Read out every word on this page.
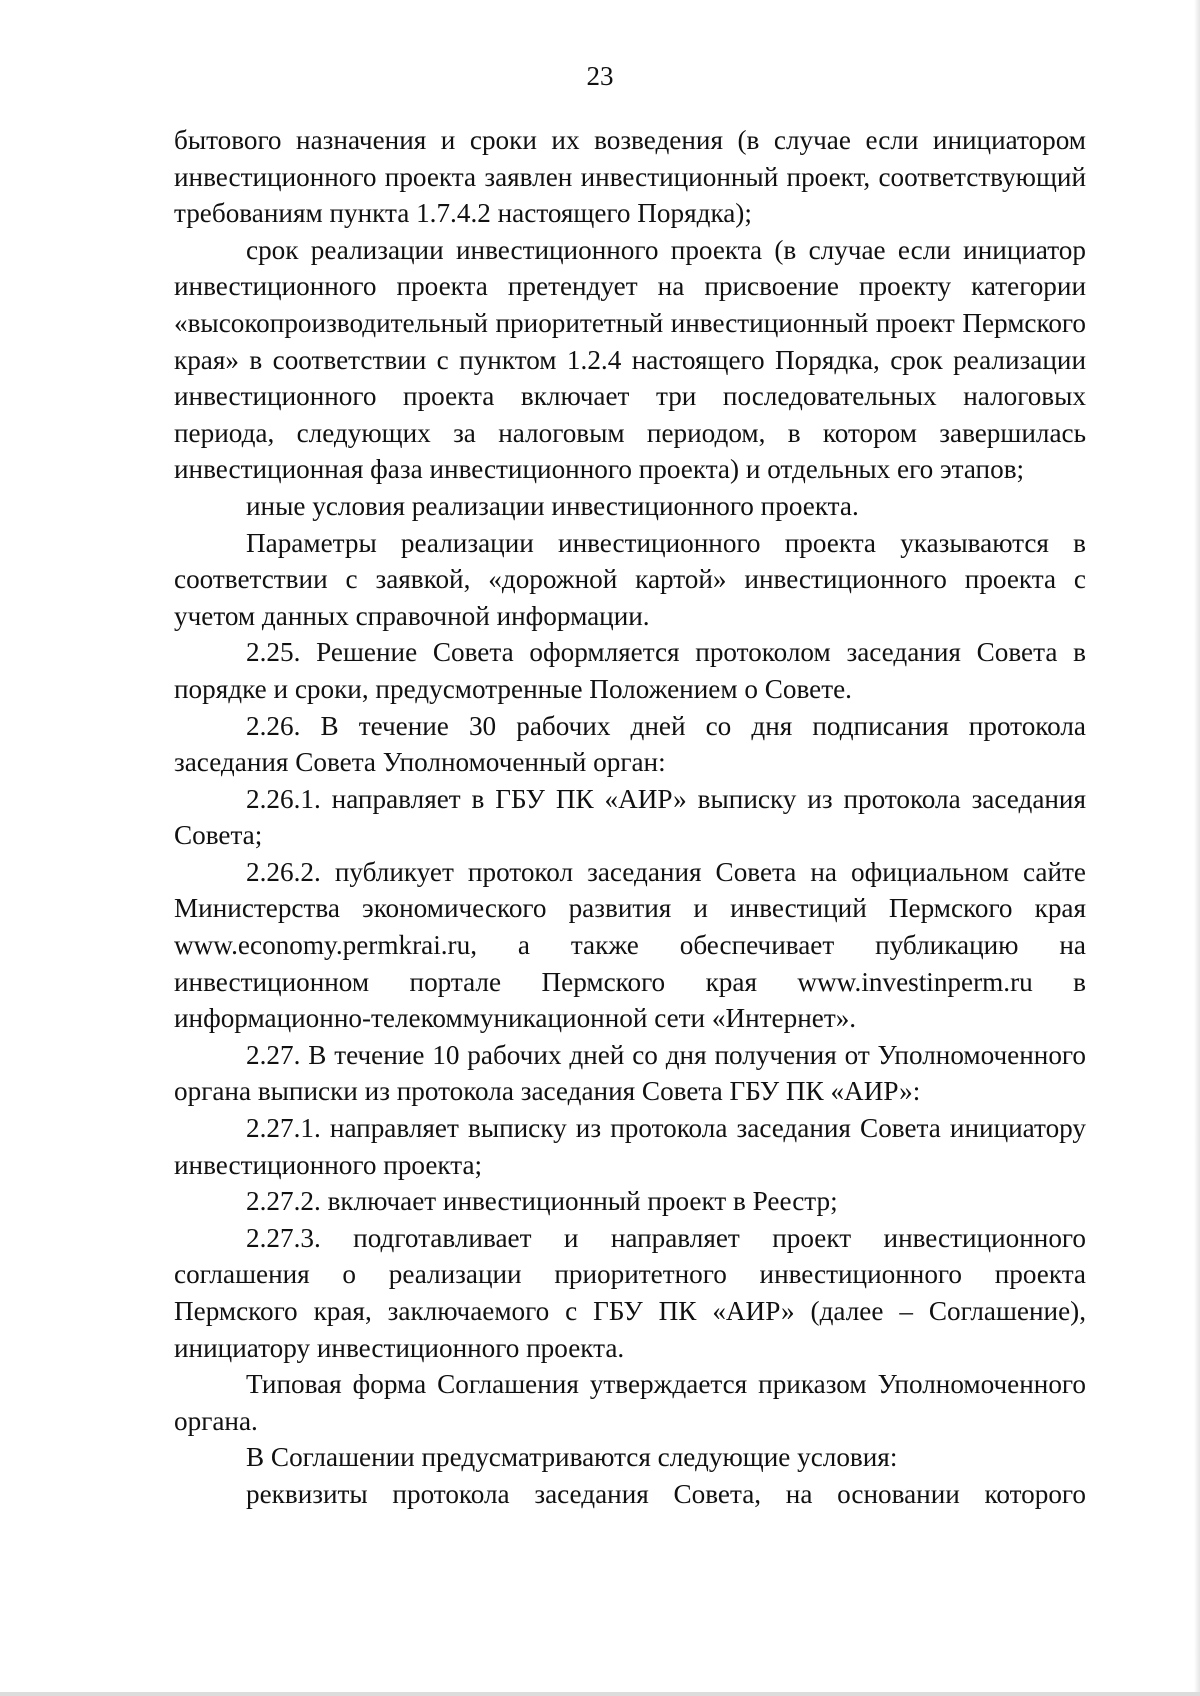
23

бытового назначения и сроки их возведения (в случае если инициатором инвестиционного проекта заявлен инвестиционный проект, соответствующий требованиям пункта 1.7.4.2 настоящего Порядка);

срок реализации инвестиционного проекта (в случае если инициатор инвестиционного проекта претендует на присвоение проекту категории «высокопроизводительный приоритетный инвестиционный проект Пермского края» в соответствии с пунктом 1.2.4 настоящего Порядка, срок реализации инвестиционного проекта включает три последовательных налоговых периода, следующих за налоговым периодом, в котором завершилась инвестиционная фаза инвестиционного проекта) и отдельных его этапов;

иные условия реализации инвестиционного проекта.

Параметры реализации инвестиционного проекта указываются в соответствии с заявкой, «дорожной картой» инвестиционного проекта с учетом данных справочной информации.

2.25. Решение Совета оформляется протоколом заседания Совета в порядке и сроки, предусмотренные Положением о Совете.

2.26. В течение 30 рабочих дней со дня подписания протокола заседания Совета Уполномоченный орган:

2.26.1. направляет в ГБУ ПК «АИР» выписку из протокола заседания Совета;

2.26.2. публикует протокол заседания Совета на официальном сайте Министерства экономического развития и инвестиций Пермского края www.economy.permkrai.ru, а также обеспечивает публикацию на инвестиционном портале Пермского края www.investinperm.ru в информационно-телекоммуникационной сети «Интернет».

2.27. В течение 10 рабочих дней со дня получения от Уполномоченного органа выписки из протокола заседания Совета ГБУ ПК «АИР»:

2.27.1. направляет выписку из протокола заседания Совета инициатору инвестиционного проекта;

2.27.2. включает инвестиционный проект в Реестр;

2.27.3. подготавливает и направляет проект инвестиционного соглашения о реализации приоритетного инвестиционного проекта Пермского края, заключаемого с ГБУ ПК «АИР» (далее – Соглашение), инициатору инвестиционного проекта.

Типовая форма Соглашения утверждается приказом Уполномоченного органа.

В Соглашении предусматриваются следующие условия:

реквизиты протокола заседания Совета, на основании которого
